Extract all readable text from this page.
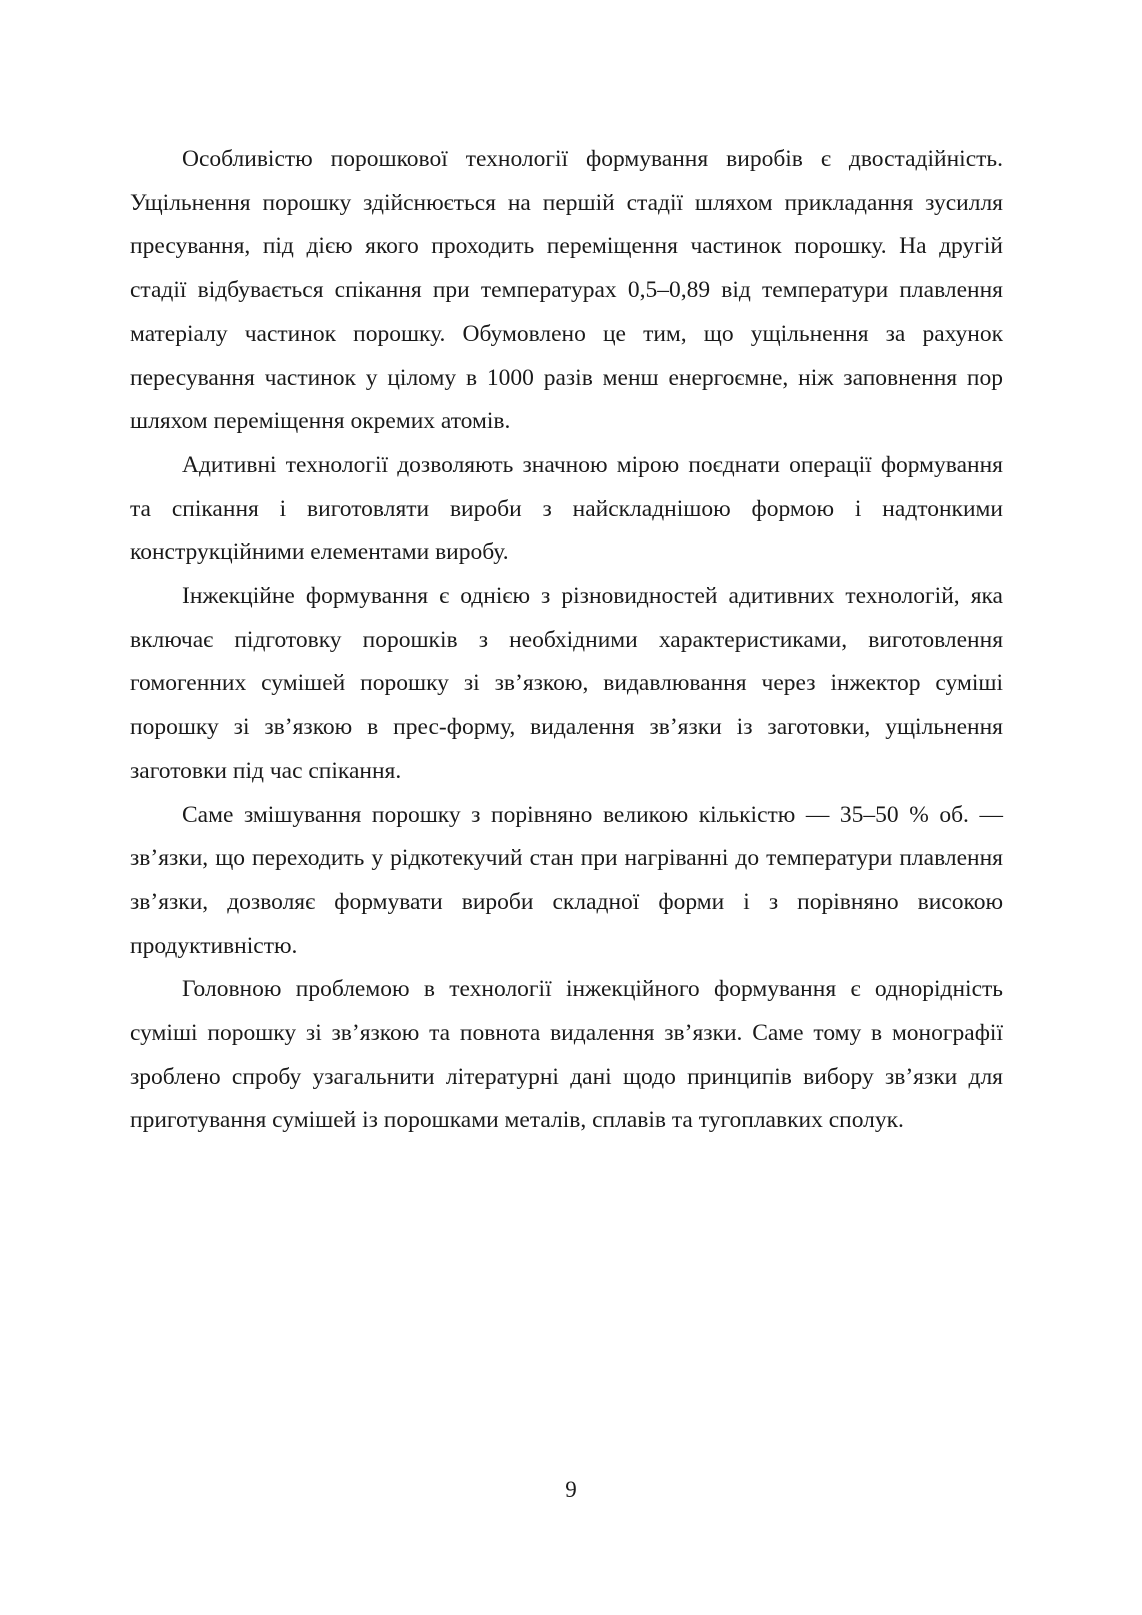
Особливістю порошкової технології формування виробів є двостадійність. Ущільнення порошку здійснюється на першій стадії шляхом прикладання зусилля пресування, під дією якого проходить переміщення частинок порошку. На другій стадії відбувається спікання при температурах 0,5–0,89 від температури плавлення матеріалу частинок порошку. Обумовлено це тим, що ущільнення за рахунок пересування частинок у цілому в 1000 разів менш енергоємне, ніж заповнення пор шляхом переміщення окремих атомів.

Адитивні технології дозволяють значною мірою поєднати операції формування та спікання і виготовляти вироби з найскладнішою формою і надтонкими конструкційними елементами виробу.

Інжекційне формування є однією з різновидностей адитивних технологій, яка включає підготовку порошків з необхідними характеристиками, виготовлення гомогенних сумішей порошку зі зв’язкою, видавлювання через інжектор суміші порошку зі зв’язкою в прес-форму, видалення зв’язки із заготовки, ущільнення заготовки під час спікання.

Саме змішування порошку з порівняно великою кількістю — 35–50 % об. — зв’язки, що переходить у рідкотекучий стан при нагріванні до температури плавлення зв’язки, дозволяє формувати вироби складної форми і з порівняно високою продуктивністю.

Головною проблемою в технології інжекційного формування є однорідність суміші порошку зі зв’язкою та повнота видалення зв’язки. Саме тому в монографії зроблено спробу узагальнити літературні дані щодо принципів вибору зв’язки для приготування сумішей із порошками металів, сплавів та тугоплавких сполук.

9
